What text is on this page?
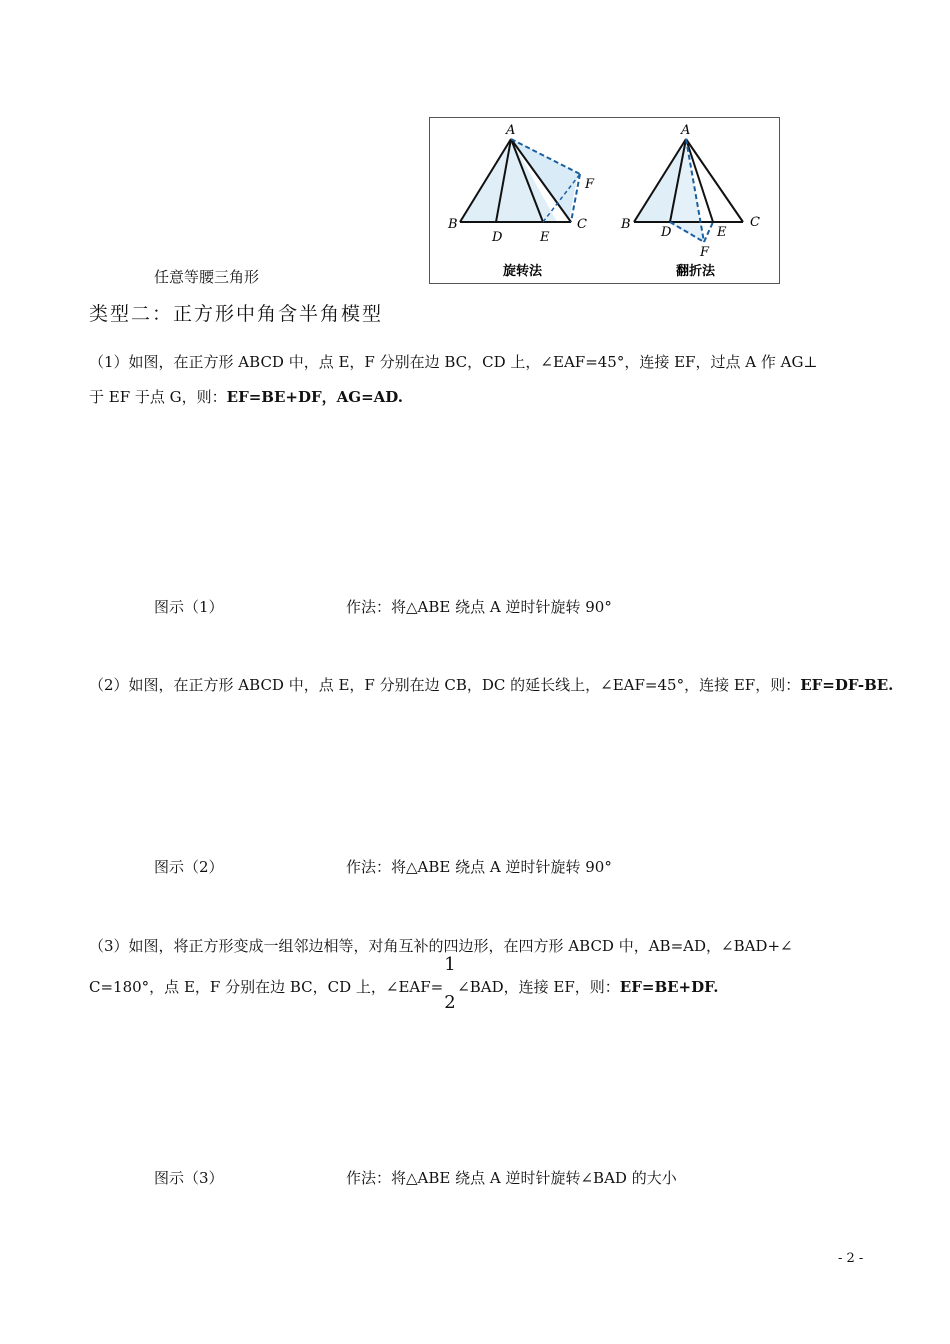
A
B
D	E
C
F
A
B
D	E
C
F
旋转法	翻折法
任意等腰三角形
类型二：正方形中角含半角模型
（1）如图，在正方形 ABCD 中，点 E，F 分别在边 BC，CD 上，∠EAF=45°，连接 EF，过点 A 作 AG⊥
于 EF 于点 G，则：EF=BE+DF，AG=AD.
图示（1）	作法：将△ABE 绕点 A 逆时针旋转 90°
（2）如图，在正方形 ABCD 中，点 E，F 分别在边 CB，DC 的延长线上，∠EAF=45°，连接 EF，则：EF=DF-BE.
图示（2）	作法：将△ABE 绕点 A 逆时针旋转 90°
（3）如图，将正方形变成一组邻边相等，对角互补的四边形，在四方形 ABCD 中，AB=AD，∠BAD+∠
C=180°，点 E，F 分别在边 BC，CD 上，∠EAF=
1
2
∠BAD，连接 EF，则：EF=BE+DF.
图示（3）	作法：将△ABE 绕点 A 逆时针旋转∠BAD 的大小
- 2 -
